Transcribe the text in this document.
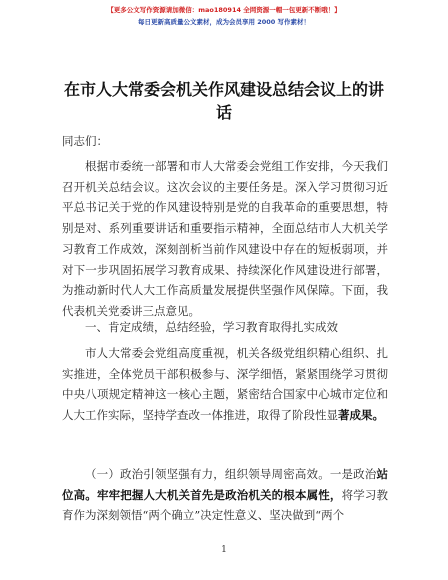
【更多公文写作资源请加微信：mao180914 全网资源一帽一包更新不断哦！】
每日更新高质量公文素材，成为会员享用 2000 写作素材！
在市人大常委会机关作风建设总结会议上的讲话
同志们：
根据市委统一部署和市人大常委会党组工作安排，今天我们召开机关总结会议。这次会议的主要任务是。深入学习贯彻习近平总书记关于党的作风建设特别是党的自我革命的重要思想，特别是对、系列重要讲话和重要指示精神，全面总结市人大机关学习教育工作成效，深刻剖析当前作风建设中存在的短板弱项，并对下一步巩固拓展学习教育成果、持续深化作风建设进行部署，为推动新时代人大工作高质量发展提供坚强作风保障。下面，我代表机关党委讲三点意见。
一、肯定成绩，总结经验，学习教育取得扎实成效
市人大常委会党组高度重视，机关各级党组织精心组织、扎实推进，全体党员干部积极参与、深学细悟，紧紧围绕学习贯彻中央八项规定精神这一核心主题，紧密结合国家中心城市定位和人大工作实际，坚持学查改一体推进，取得了阶段性显著成果。
（一）政治引领坚强有力，组织领导周密高效。一是政治站位高。牢牢把握人大机关首先是政治机关的根本属性，将学习教育作为深刻领悟“两个确立”决定性意义、坚决做到“两个
1
